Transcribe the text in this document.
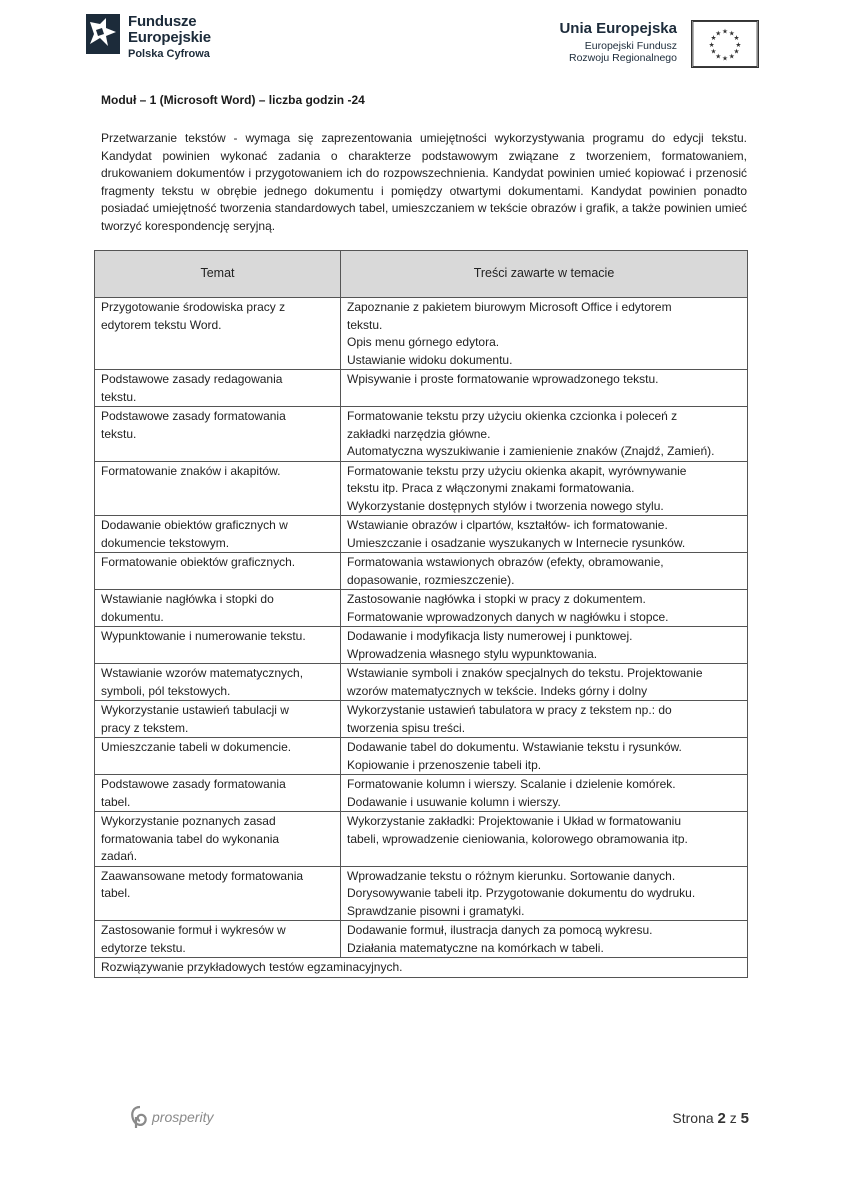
Fundusze
Europejskie
Polska Cyfrowa
Unia Europejska
Europejski Fundusz
Rozwoju Regionalnego
★ ★
★
★
★
★
★
★
★
★
★
★
Moduł – 1 (Microsoft Word) – liczba godzin -24
Przetwarzanie tekstów - wymaga się zaprezentowania umiejętności wykorzystywania programu do edycji tekstu. Kandydat powinien wykonać zadania o charakterze podstawowym związane z tworzeniem, formatowaniem, drukowaniem dokumentów i przygotowaniem ich do rozpowszechnienia. Kandydat powinien umieć kopiować i przenosić fragmenty tekstu w obrębie jednego dokumentu i pomiędzy otwartymi dokumentami. Kandydat powinien ponadto posiadać umiejętność tworzenia standardowych tabel, umieszczaniem w tekście obrazów i grafik, a także powinien umieć tworzyć korespondencję seryjną.
Temat	Treści zawarte w temacie

Przygotowanie środowiska pracy z
edytorem tekstu Word.	Zapoznanie z pakietem biurowym Microsoft Office i edytorem
tekstu.
Opis menu górnego edytora.
Ustawianie widoku dokumentu.

Podstawowe zasady redagowania
tekstu.	Wpisywanie i proste formatowanie wprowadzonego tekstu.

Podstawowe zasady formatowania
tekstu.	Formatowanie tekstu przy użyciu okienka czcionka i poleceń z
zakładki narzędzia główne.
Automatyczna wyszukiwanie i zamienienie znaków (Znajdź, Zamień).

Formatowanie znaków i akapitów.	Formatowanie tekstu przy użyciu okienka akapit, wyrównywanie
tekstu itp. Praca z włączonymi znakami formatowania.
Wykorzystanie dostępnych stylów i tworzenia nowego stylu.

Dodawanie obiektów graficznych w
dokumencie tekstowym.	Wstawianie obrazów i clpartów, kształtów- ich formatowanie.
Umieszczanie i osadzanie wyszukanych w Internecie rysunków.

Formatowanie obiektów graficznych.	Formatowania wstawionych obrazów (efekty, obramowanie,
dopasowanie, rozmieszczenie).

Wstawianie nagłówka i stopki do
dokumentu.	Zastosowanie nagłówka i stopki w pracy z dokumentem.
Formatowanie wprowadzonych danych w nagłówku i stopce.

Wypunktowanie i numerowanie tekstu.	Dodawanie i modyfikacja listy numerowej i punktowej.
Wprowadzenia własnego stylu wypunktowania.

Wstawianie wzorów matematycznych,
symboli, pól tekstowych.	Wstawianie symboli i znaków specjalnych do tekstu. Projektowanie
wzorów matematycznych w tekście. Indeks górny i dolny

Wykorzystanie ustawień tabulacji w
pracy z tekstem.	Wykorzystanie ustawień tabulatora w pracy z tekstem np.: do
tworzenia spisu treści.

Umieszczanie tabeli w dokumencie.	Dodawanie tabel do dokumentu. Wstawianie tekstu i rysunków.
Kopiowanie i przenoszenie tabeli itp.

Podstawowe zasady formatowania
tabel.	Formatowanie kolumn i wierszy. Scalanie i dzielenie komórek.
Dodawanie i usuwanie kolumn i wierszy.

Wykorzystanie poznanych zasad
formatowania tabel do wykonania
zadań.	Wykorzystanie zakładki: Projektowanie i Układ w formatowaniu
tabeli, wprowadzenie cieniowania, kolorowego obramowania itp.

Zaawansowane metody formatowania
tabel.	Wprowadzanie tekstu o różnym kierunku. Sortowanie danych.
Dorysowywanie tabeli itp. Przygotowanie dokumentu do wydruku.
Sprawdzanie pisowni i gramatyki.

Zastosowanie formuł i wykresów w
edytorze tekstu.	Dodawanie formuł, ilustracja danych za pomocą wykresu.
Działania matematyczne na komórkach w tabeli.

Rozwiązywanie przykładowych testów egzaminacyjnych.	
prosperity	Strona 2 z 5
